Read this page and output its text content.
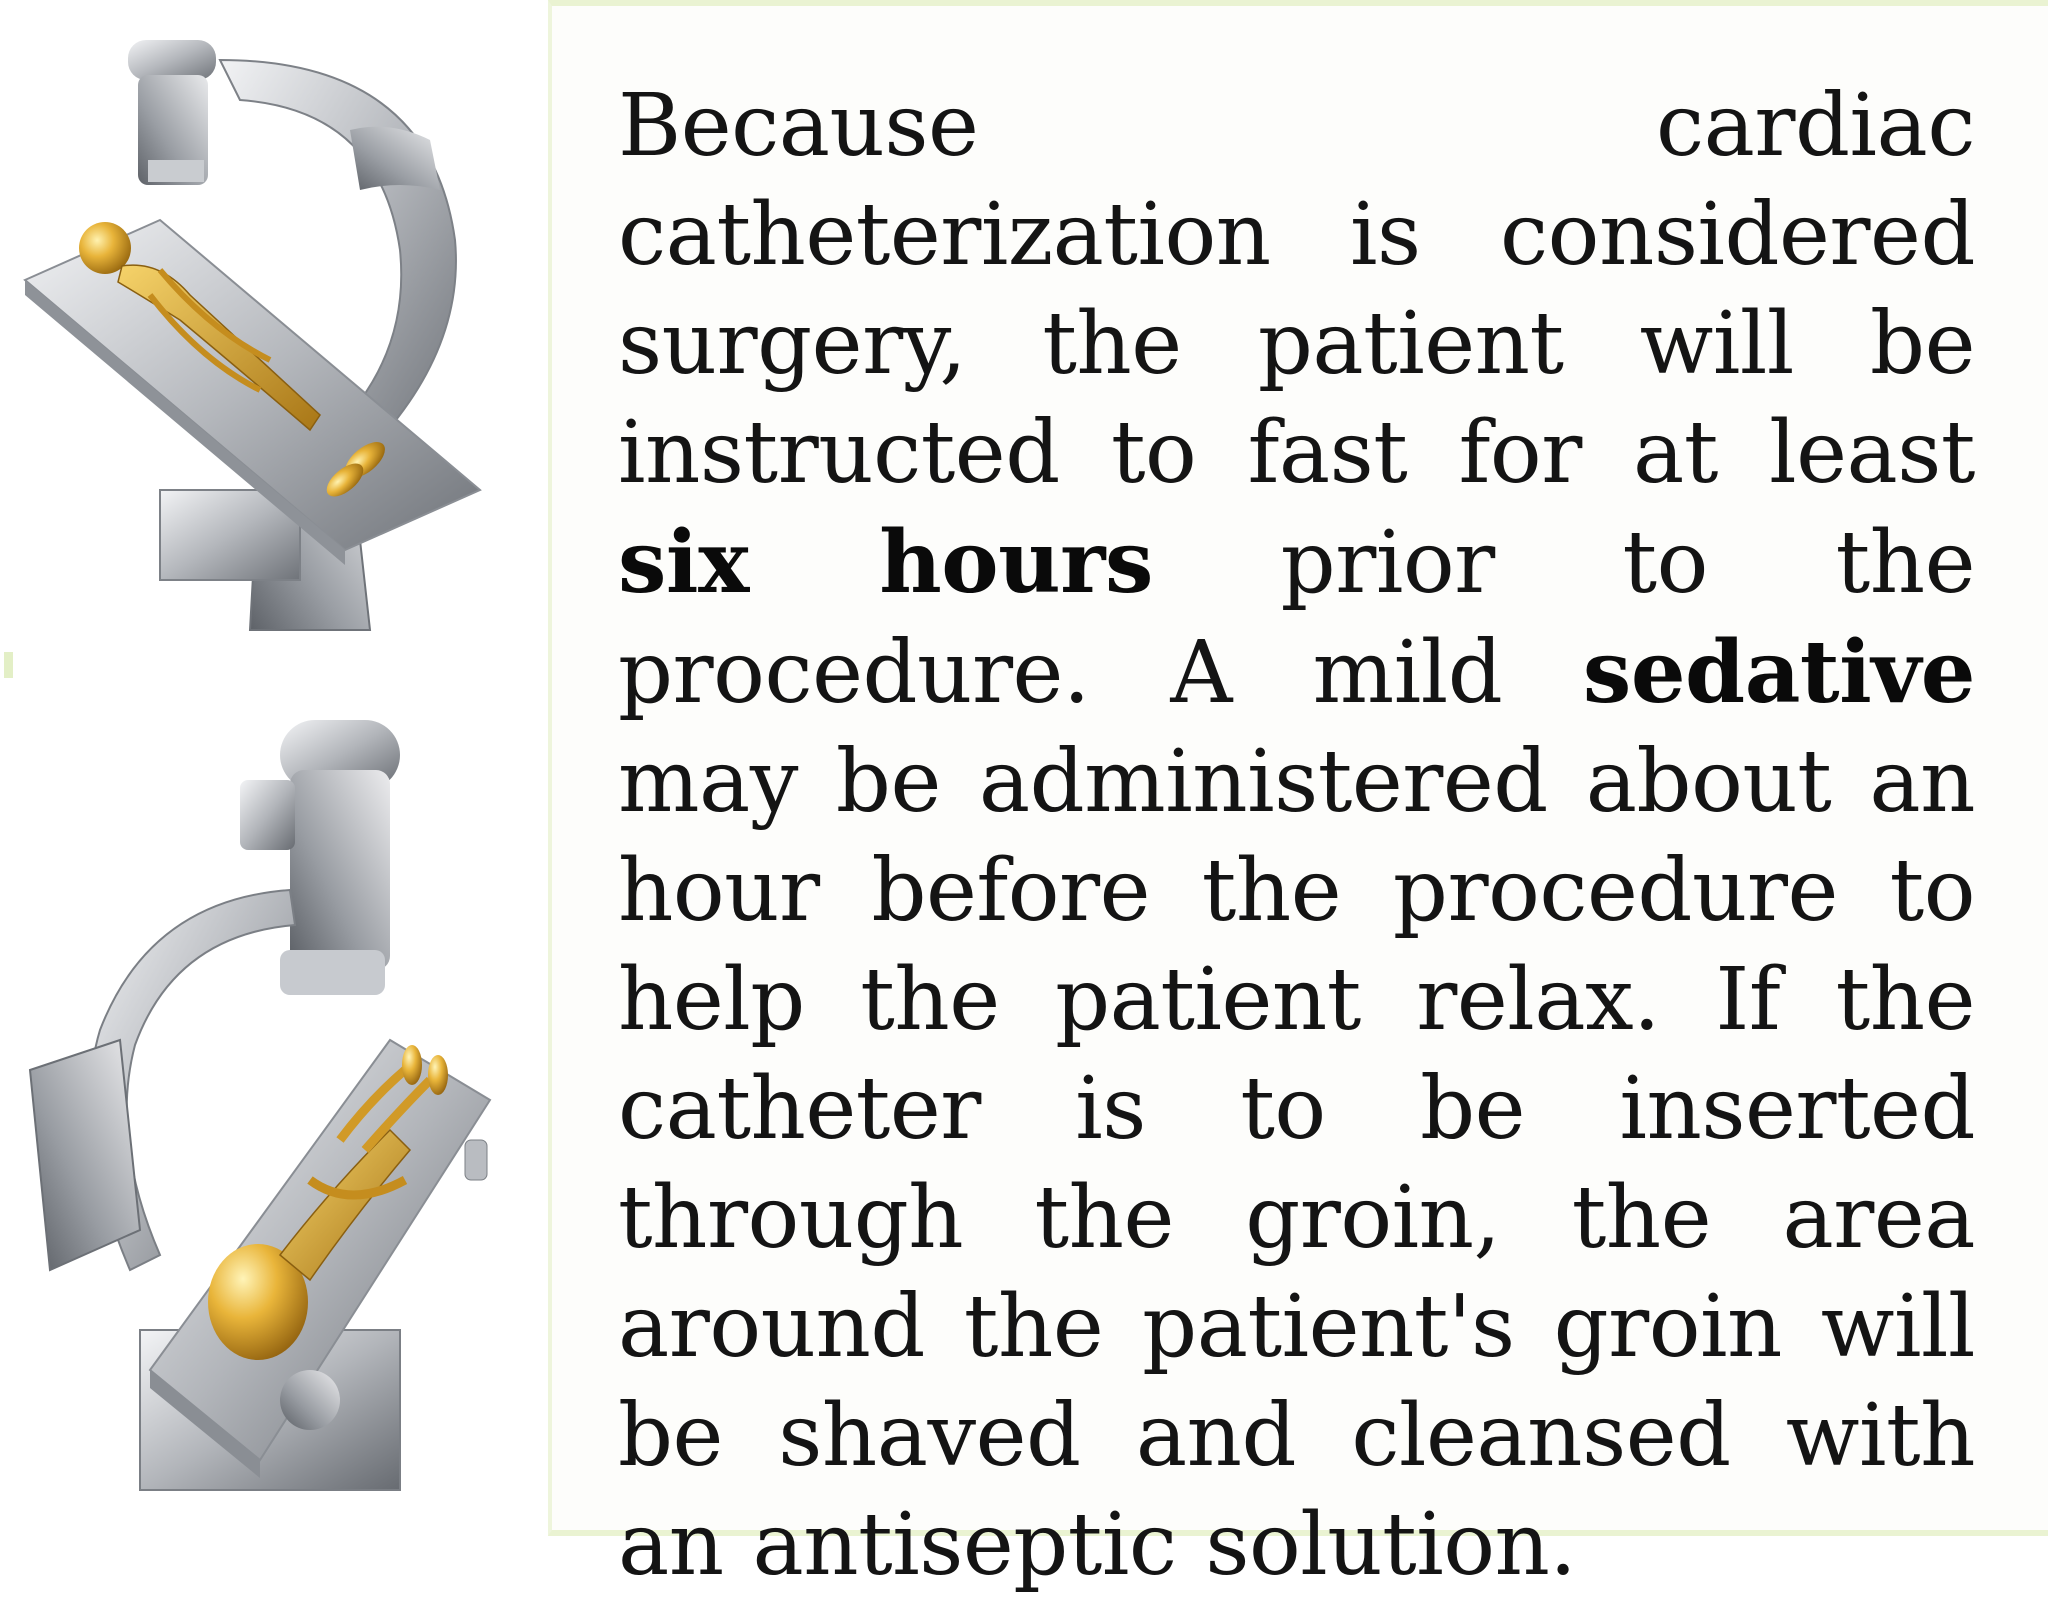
Because cardiac catheterization is considered surgery, the patient will be instructed to fast for at least six hours prior to the procedure. A mild sedative may be administered about an hour before the procedure to help the patient relax. If the catheter is to be inserted through the groin, the area around the patient's groin will be shaved and cleansed with an antiseptic solution.
